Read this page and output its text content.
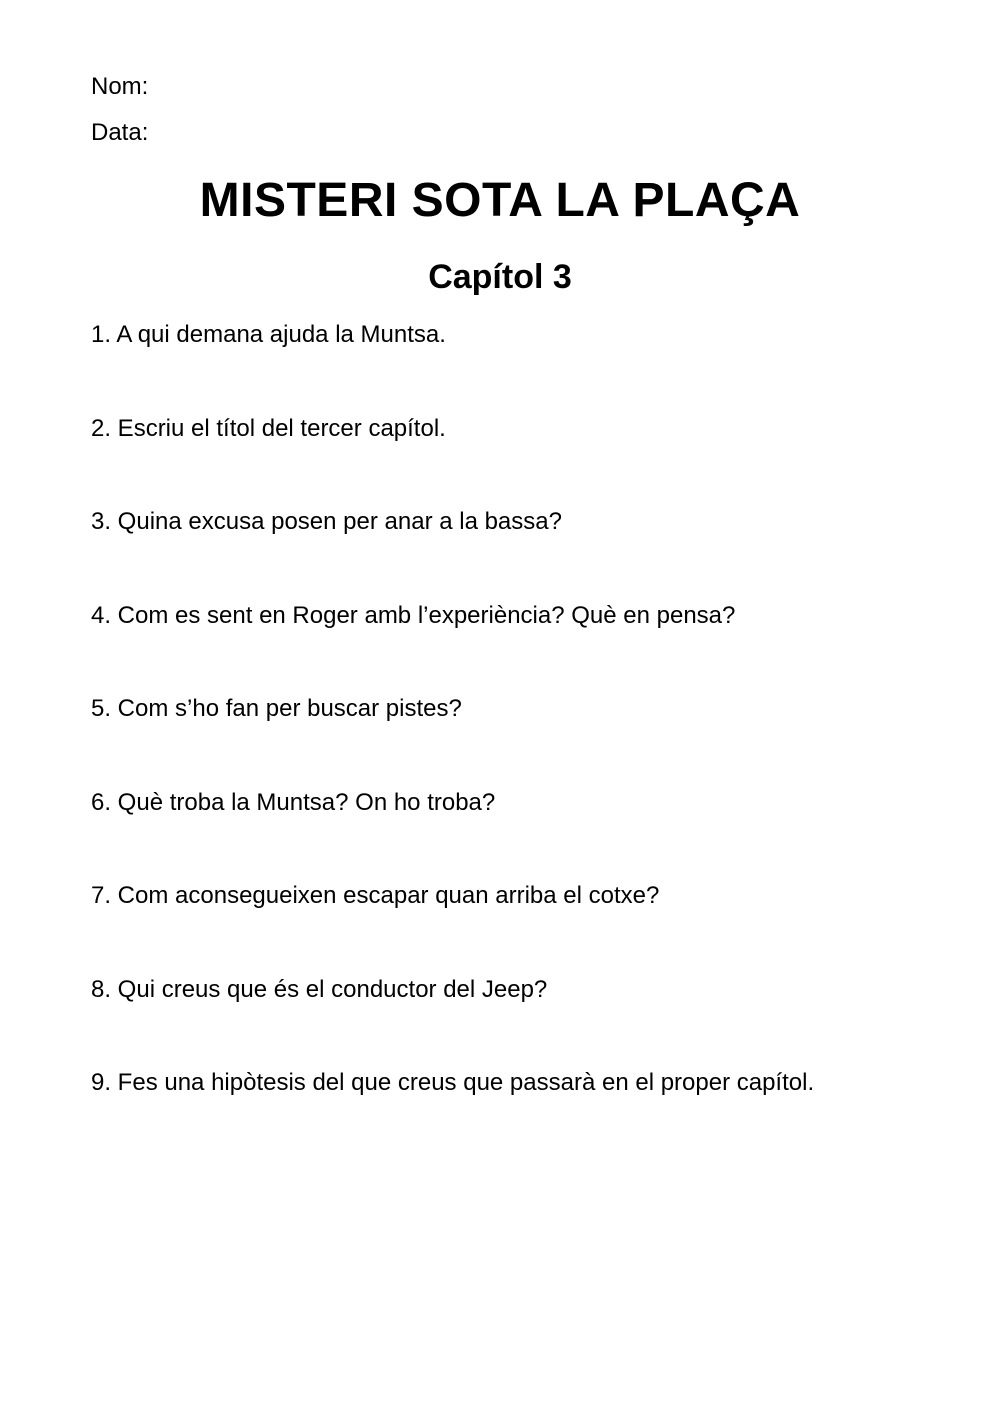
Nom:
Data:
MISTERI SOTA LA PLAÇA
Capítol 3
1. A qui demana ajuda la Muntsa.
2. Escriu el títol del tercer capítol.
3. Quina excusa posen per anar a la bassa?
4. Com es sent en Roger amb l’experiència? Què en pensa?
5. Com s’ho fan per buscar pistes?
6. Què troba la Muntsa? On ho troba?
7. Com aconsegueixen escapar quan arriba el cotxe?
8. Qui creus que és el conductor del Jeep?
9. Fes una hipòtesis del que creus que passarà en el proper capítol.
